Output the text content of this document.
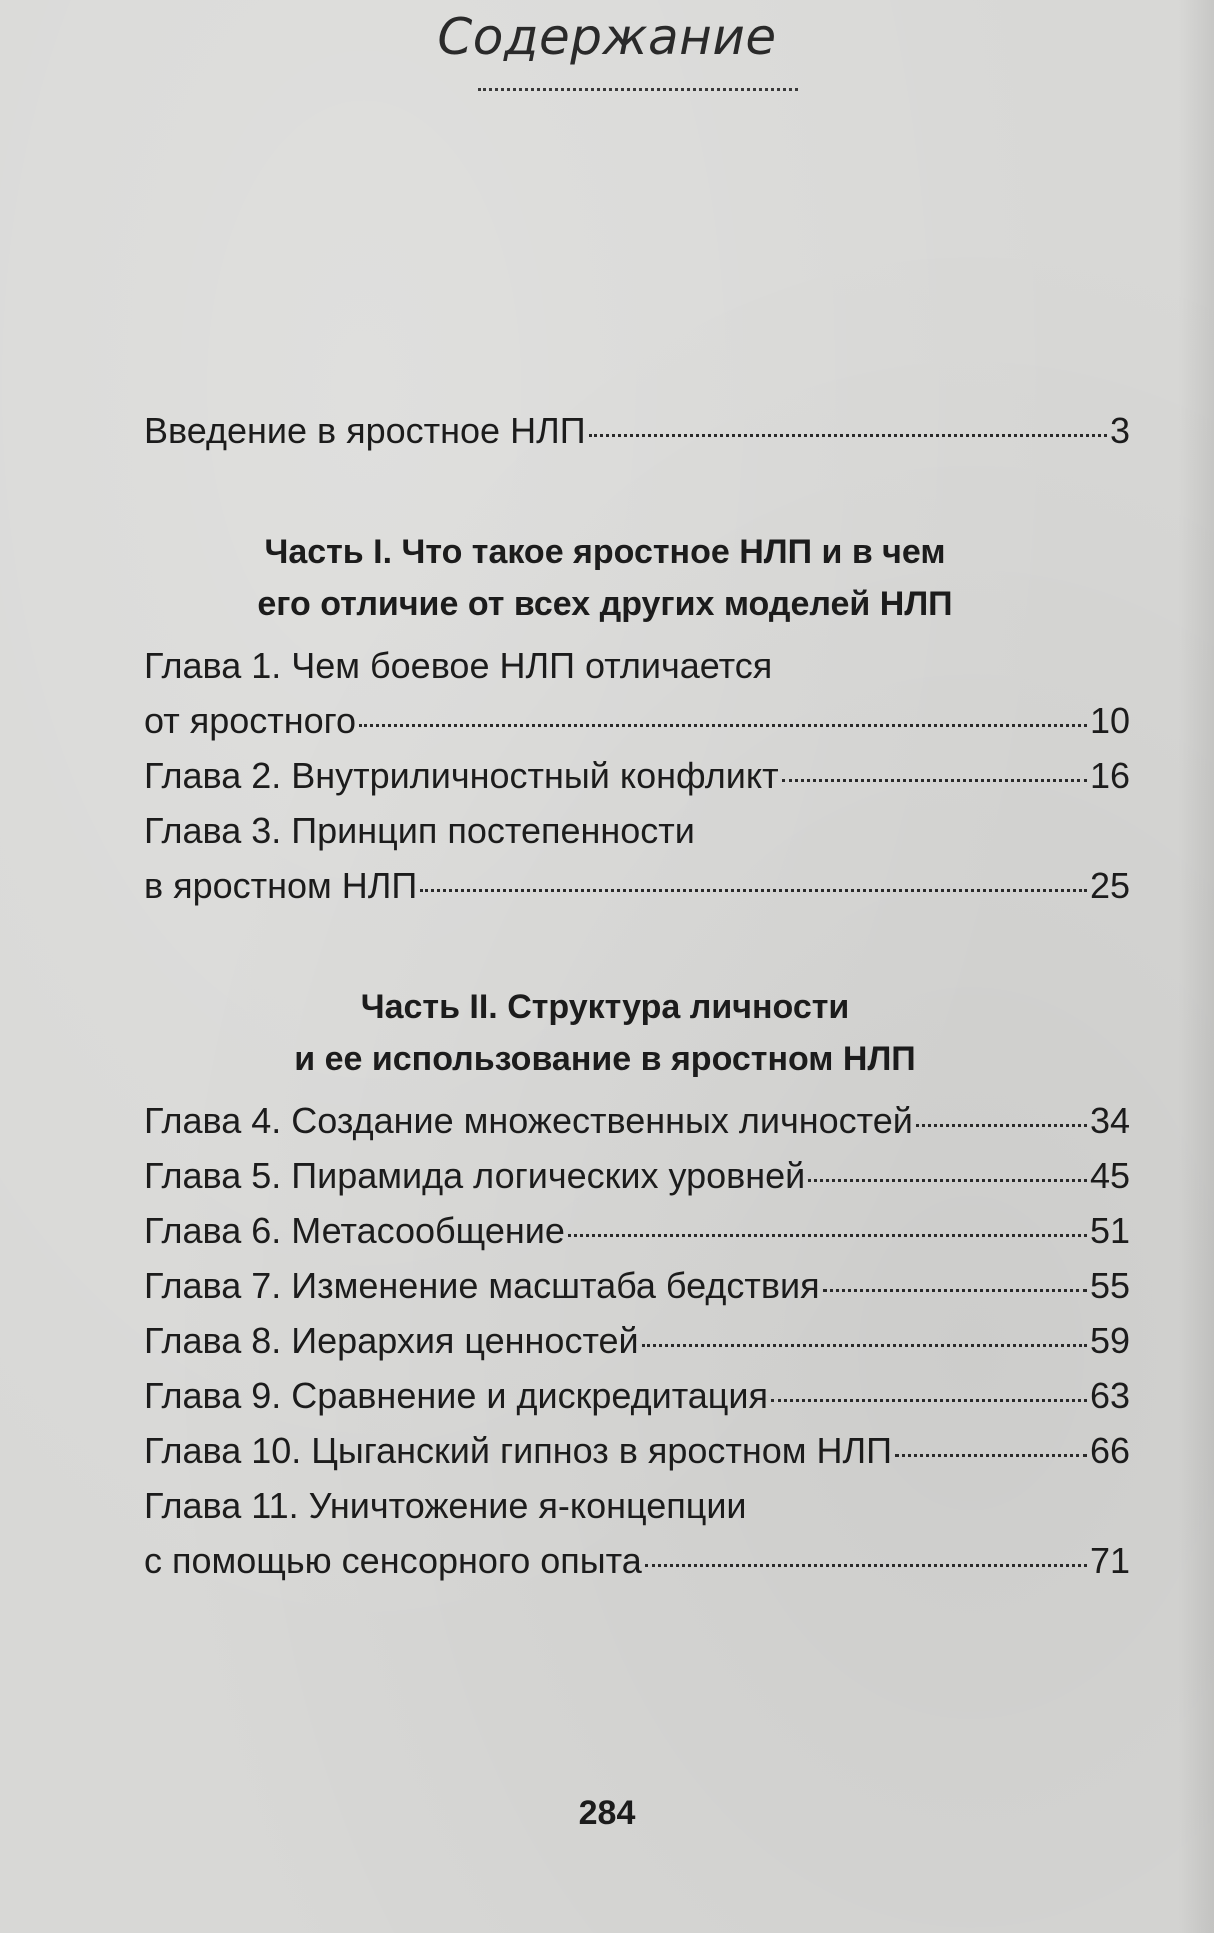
Содержание
Введение в яростное НЛП	3
Часть I. Что такое яростное НЛП и в чем
его отличие от всех других моделей НЛП
Глава 1. Чем боевое НЛП отличается
от яростного	10
Глава 2. Внутриличностный конфликт	16
Глава 3. Принцип постепенности
в яростном НЛП	25
Часть II. Структура личности
и ее использование в яростном НЛП
Глава 4. Создание множественных личностей	34
Глава 5. Пирамида логических уровней	45
Глава 6. Метасообщение	51
Глава 7. Изменение масштаба бедствия	55
Глава 8. Иерархия ценностей	59
Глава 9. Сравнение и дискредитация	63
Глава 10. Цыганский гипноз в яростном НЛП	66
Глава 11. Уничтожение я-концепции
с помощью сенсорного опыта	71
284
